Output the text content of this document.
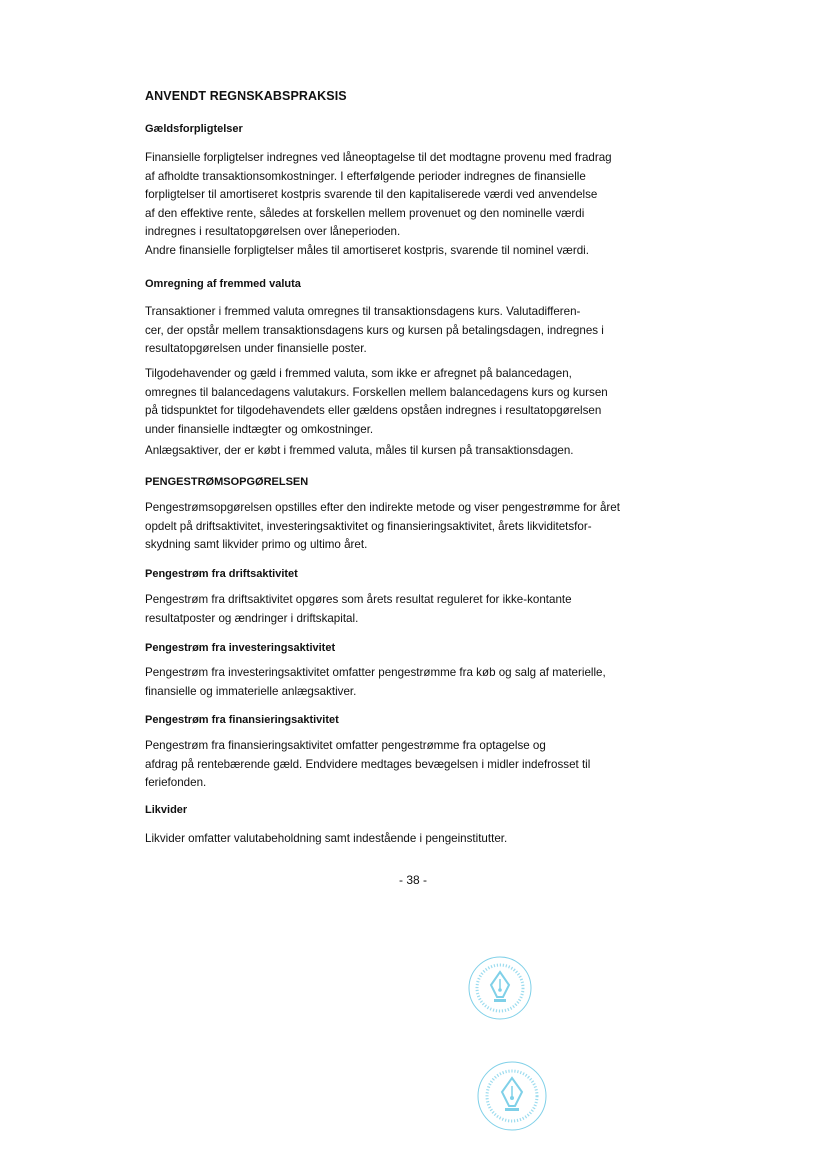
ANVENDT REGNSKABSPRAKSIS
Gældsforpligtelser
Finansielle forpligtelser indregnes ved låneoptagelse til det modtagne provenu med fradrag
af afholdte transaktionsomkostninger. I efterfølgende perioder indregnes de finansielle
forpligtelser til amortiseret kostpris svarende til den kapitaliserede værdi ved anvendelse
af den effektive rente, således at forskellen mellem provenuet og den nominelle værdi
indregnes i resultatopgørelsen over låneperioden.
Andre finansielle forpligtelser måles til amortiseret kostpris, svarende til nominel værdi.
Omregning af fremmed valuta
Transaktioner i fremmed valuta omregnes til transaktionsdagens kurs. Valutadifferen-
cer, der opstår mellem transaktionsdagens kurs og kursen på betalingsdagen, indregnes i
resultatopgørelsen under finansielle poster.
Tilgodehavender og gæld i fremmed valuta, som ikke er afregnet på balancedagen,
omregnes til balancedagens valutakurs. Forskellen mellem balancedagens kurs og kursen
på tidspunktet for tilgodehavendets eller gældens opståen indregnes i resultatopgørelsen
under finansielle indtægter og omkostninger.
Anlægsaktiver, der er købt i fremmed valuta, måles til kursen på transaktionsdagen.
PENGESTRØMSOPGØRELSEN
Pengestrømsopgørelsen opstilles efter den indirekte metode og viser pengestrømme for året
opdelt på driftsaktivitet, investeringsaktivitet og finansieringsaktivitet, årets likviditetsfor-
skydning samt likvider primo og ultimo året.
Pengestrøm fra driftsaktivitet
Pengestrøm fra driftsaktivitet opgøres som årets resultat reguleret for ikke-kontante
resultatposter og ændringer i driftskapital.
Pengestrøm fra investeringsaktivitet
Pengestrøm fra investeringsaktivitet omfatter pengestrømme fra køb og salg af materielle,
finansielle og immaterielle anlægsaktiver.
Pengestrøm fra finansieringsaktivitet
Pengestrøm fra finansieringsaktivitet omfatter pengestrømme fra optagelse og
afdrag på rentebærende gæld. Endvidere medtages bevægelsen i midler indefrosset til
feriefonden.
Likvider
Likvider omfatter valutabeholdning samt indestående i pengeinstitutter.
- 38 -
